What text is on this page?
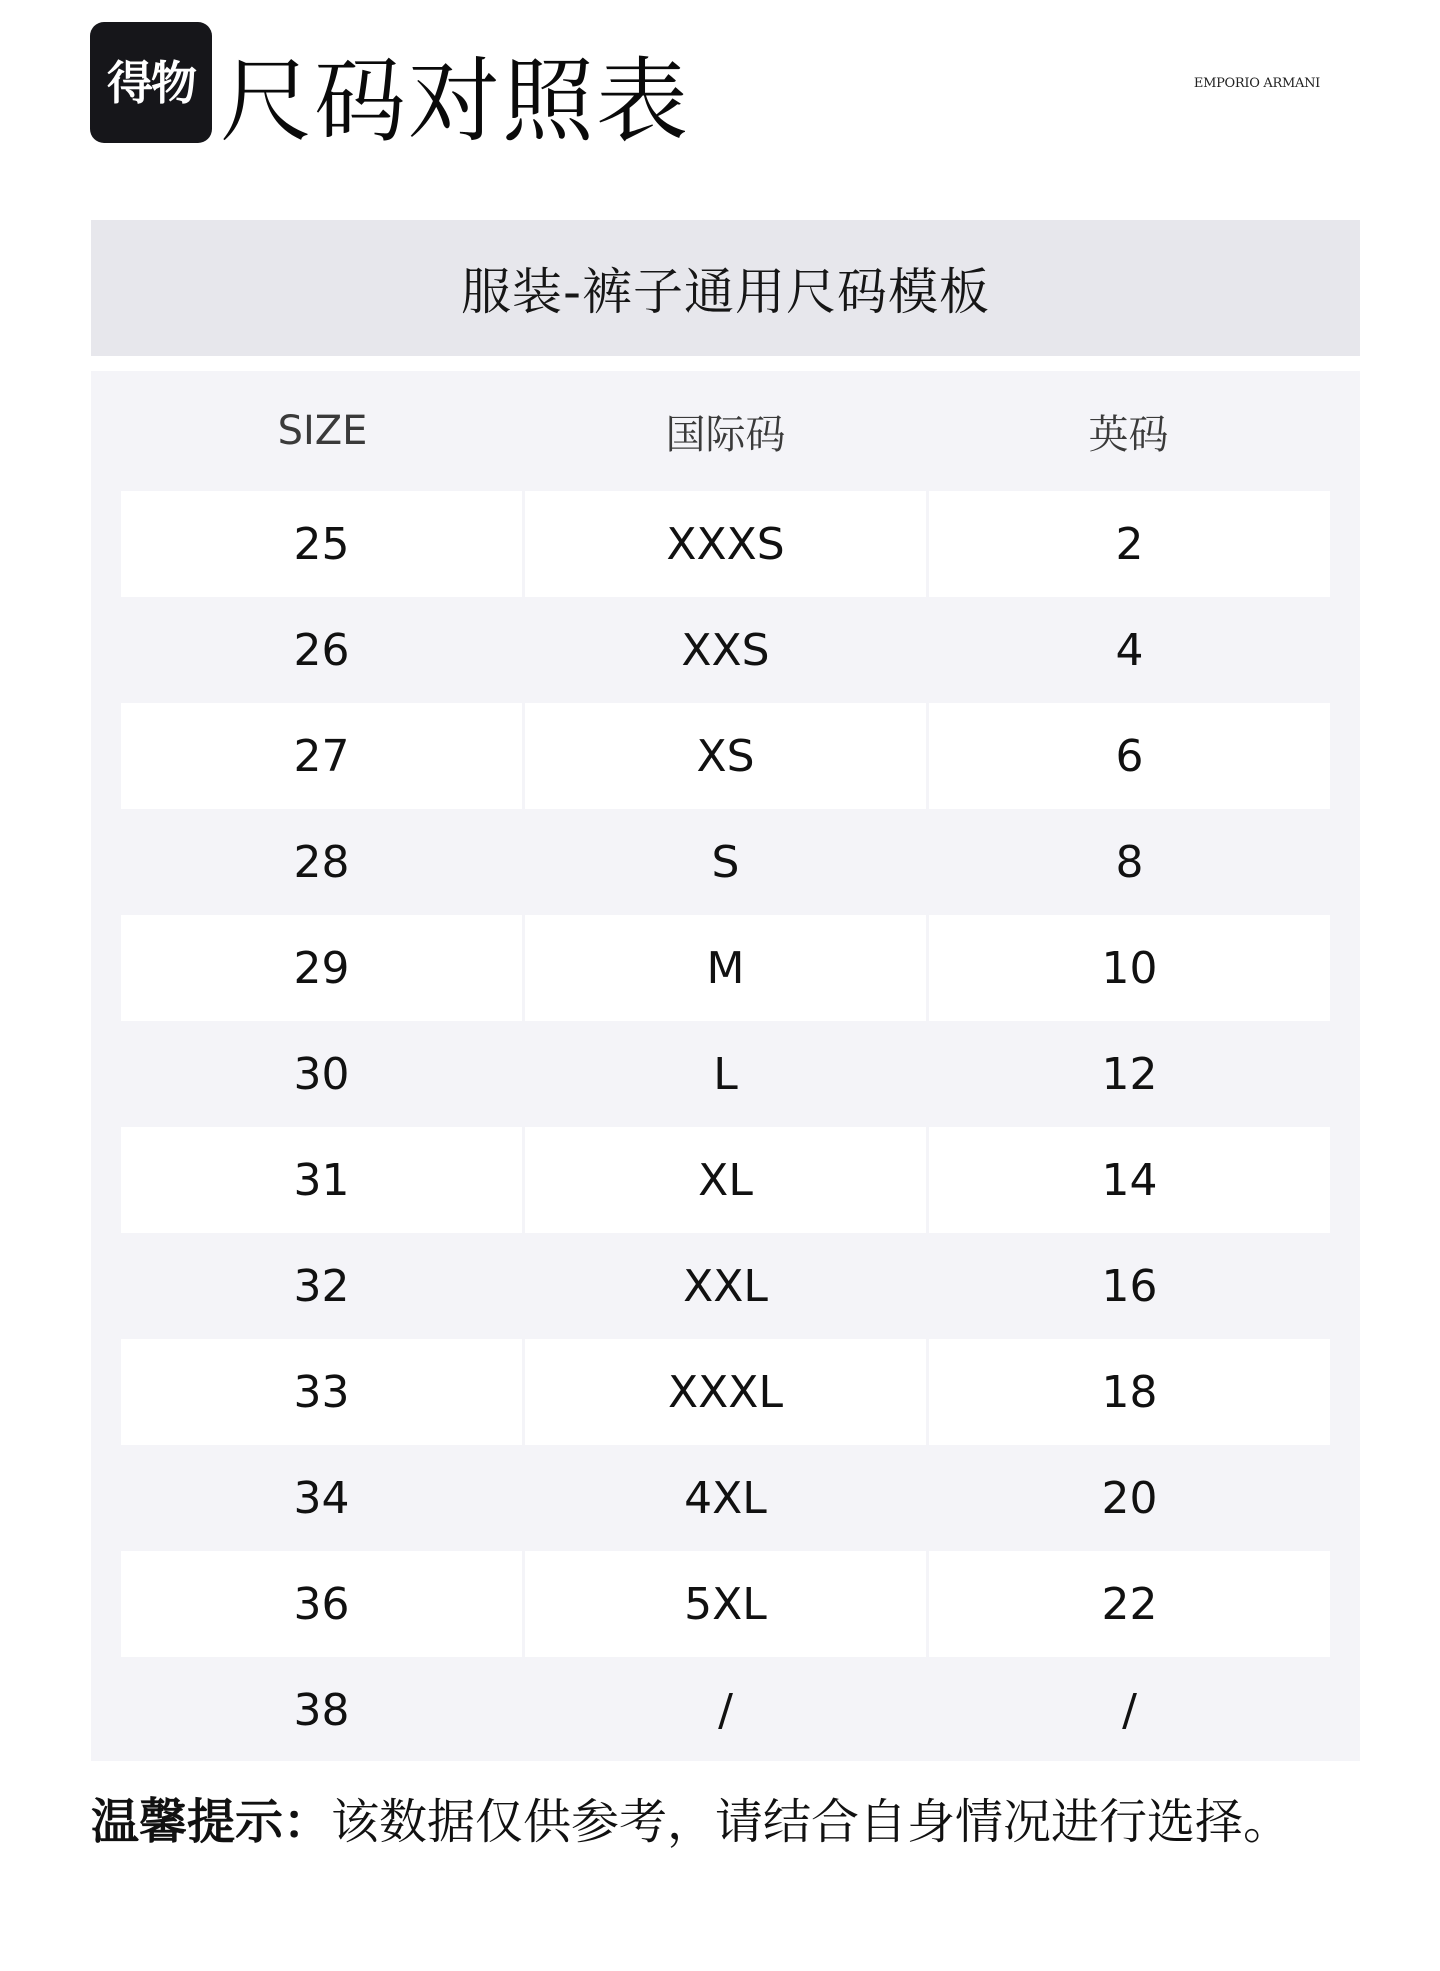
得物 尺码对照表	EMPORIO ARMANI
服装-裤子通用尺码模板
SIZE	国际码	英码
25	XXXS	2
26	XXS	4
27	XS	6
28	S	8
29	M	10
30	L	12
31	XL	14
32	XXL	16
33	XXXL	18
34	4XL	20
36	5XL	22
38	/	/
温馨提示：该数据仅供参考，请结合自身情况进行选择。
